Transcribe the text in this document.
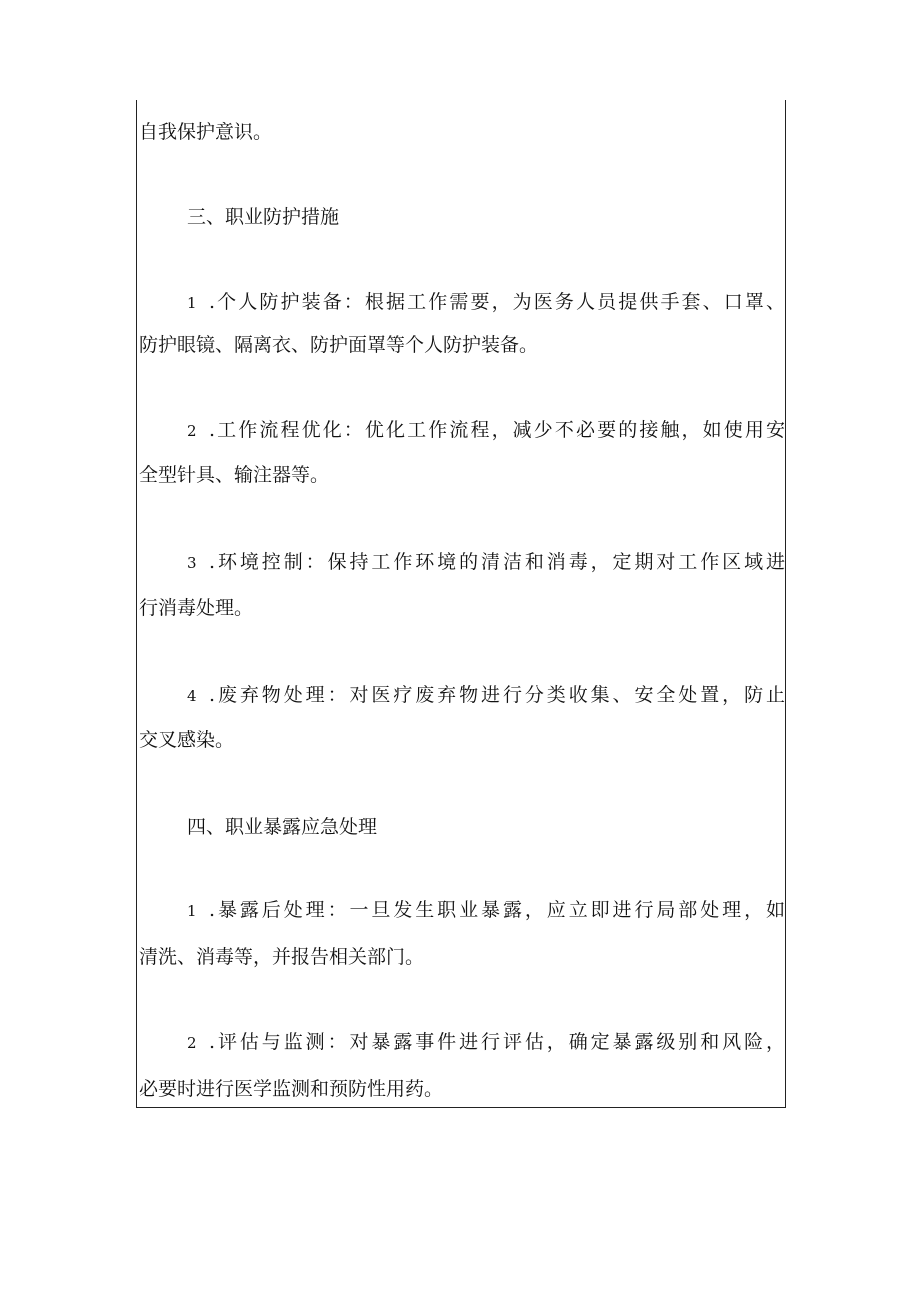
自我保护意识。
三、职业防护措施
1 .个人防护装备：根据工作需要，为医务人员提供手套、口罩、
防护眼镜、隔离衣、防护面罩等个人防护装备。
2 .工作流程优化：优化工作流程，减少不必要的接触，如使用安
全型针具、输注器等。
3 .环境控制：保持工作环境的清洁和消毒，定期对工作区域进
行消毒处理。
4 .废弃物处理：对医疗废弃物进行分类收集、安全处置，防止
交叉感染。
四、职业暴露应急处理
1 .暴露后处理：一旦发生职业暴露，应立即进行局部处理，如
清洗、消毒等，并报告相关部门。
2 .评估与监测：对暴露事件进行评估，确定暴露级别和风险，
必要时进行医学监测和预防性用药。
